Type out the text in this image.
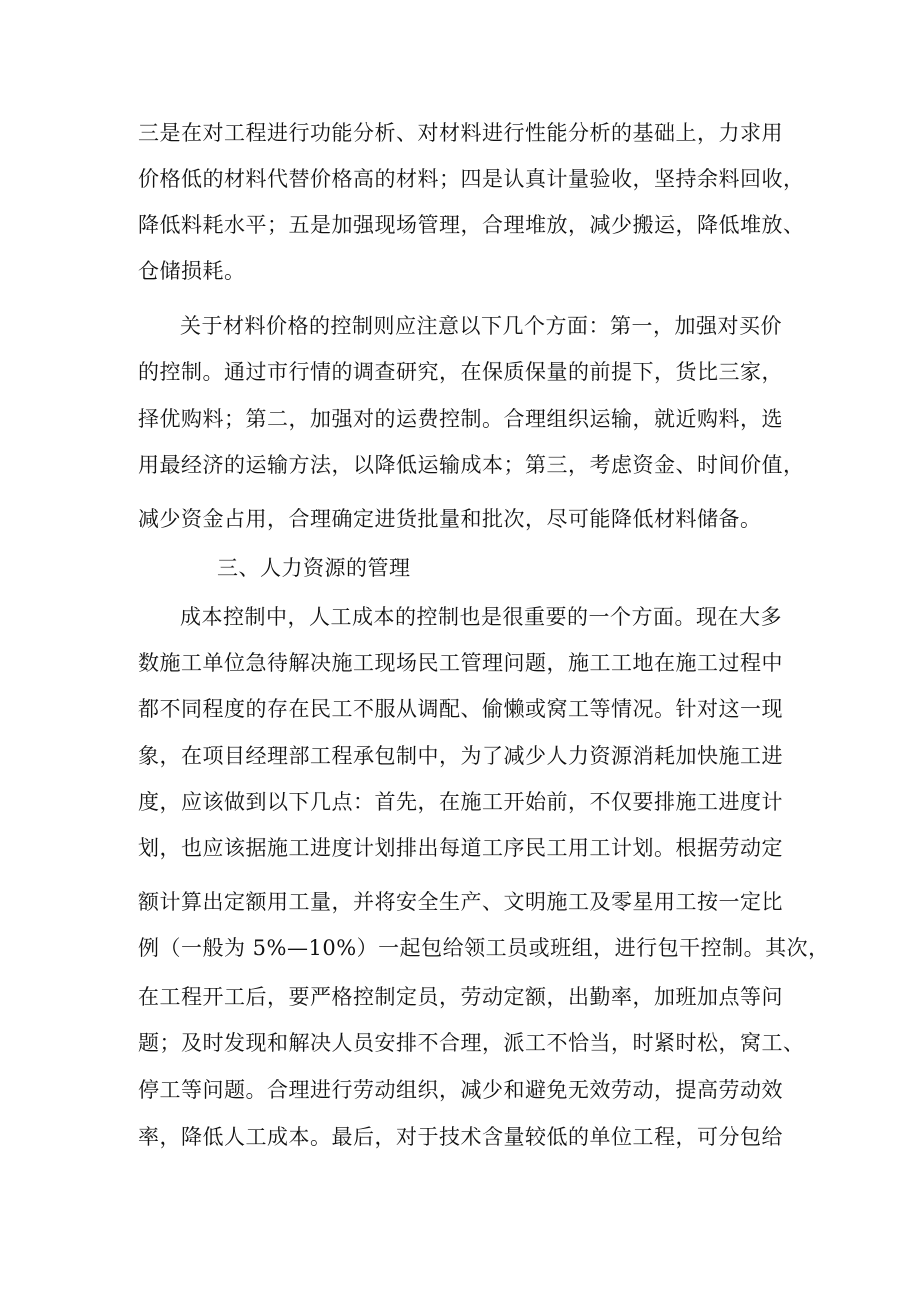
三是在对工程进行功能分析、对材料进行性能分析的基础上，力求用
价格低的材料代替价格高的材料；四是认真计量验收，坚持余料回收，
降低料耗水平；五是加强现场管理，合理堆放，减少搬运，降低堆放、
仓储损耗。
关于材料价格的控制则应注意以下几个方面：第一，加强对买价
的控制。通过市行情的调查研究，在保质保量的前提下，货比三家，
择优购料；第二，加强对的运费控制。合理组织运输，就近购料，选
用最经济的运输方法，以降低运输成本；第三，考虑资金、时间价值，
减少资金占用，合理确定进货批量和批次，尽可能降低材料储备。
三、人力资源的管理
成本控制中，人工成本的控制也是很重要的一个方面。现在大多
数施工单位急待解决施工现场民工管理问题，施工工地在施工过程中
都不同程度的存在民工不服从调配、偷懒或窝工等情况。针对这一现
象，在项目经理部工程承包制中，为了减少人力资源消耗加快施工进
度，应该做到以下几点：首先，在施工开始前，不仅要排施工进度计
划，也应该据施工进度计划排出每道工序民工用工计划。根据劳动定
额计算出定额用工量，并将安全生产、文明施工及零星用工按一定比
例（一般为 5%—10%）一起包给领工员或班组，进行包干控制。其次，
在工程开工后，要严格控制定员，劳动定额，出勤率，加班加点等问
题；及时发现和解决人员安排不合理，派工不恰当，时紧时松，窝工、
停工等问题。合理进行劳动组织，减少和避免无效劳动，提高劳动效
率，降低人工成本。最后，对于技术含量较低的单位工程，可分包给
